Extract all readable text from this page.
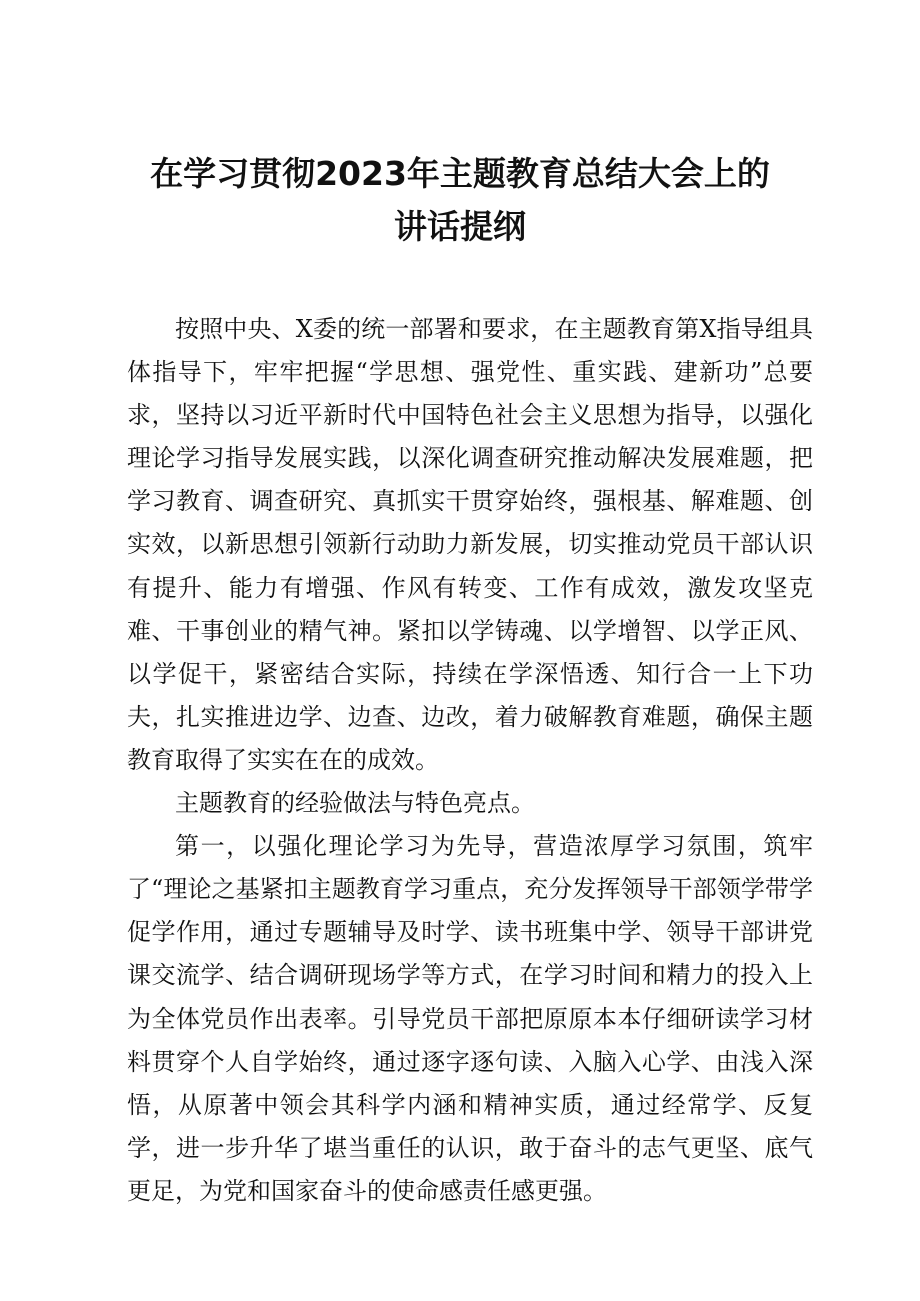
在学习贯彻2023年主题教育总结大会上的
讲话提纲

按照中央、X委的统一部署和要求，在主题教育第X指导组具体指导下，牢牢把握“学思想、强党性、重实践、建新功”总要求，坚持以习近平新时代中国特色社会主义思想为指导，以强化理论学习指导发展实践，以深化调查研究推动解决发展难题，把学习教育、调查研究、真抓实干贯穿始终，强根基、解难题、创实效，以新思想引领新行动助力新发展，切实推动党员干部认识有提升、能力有增强、作风有转变、工作有成效，激发攻坚克难、干事创业的精气神。紧扣以学铸魂、以学增智、以学正风、以学促干，紧密结合实际，持续在学深悟透、知行合一上下功夫，扎实推进边学、边查、边改，着力破解教育难题，确保主题教育取得了实实在在的成效。

主题教育的经验做法与特色亮点。

第一，以强化理论学习为先导，营造浓厚学习氛围，筑牢了“理论之基紧扣主题教育学习重点，充分发挥领导干部领学带学促学作用，通过专题辅导及时学、读书班集中学、领导干部讲党课交流学、结合调研现场学等方式，在学习时间和精力的投入上为全体党员作出表率。引导党员干部把原原本本仔细研读学习材料贯穿个人自学始终，通过逐字逐句读、入脑入心学、由浅入深悟，从原著中领会其科学内涵和精神实质，通过经常学、反复学，进一步升华了堪当重任的认识，敢于奋斗的志气更坚、底气更足，为党和国家奋斗的使命感责任感更强。
